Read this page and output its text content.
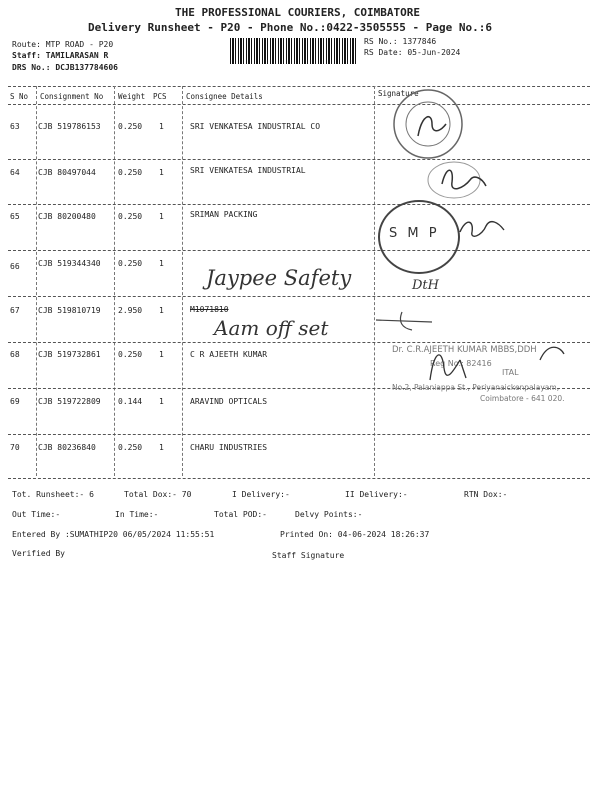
THE PROFESSIONAL COURIERS, COIMBATORE
Delivery Runsheet - P20 - Phone No.:0422-3505555 - Page No.:6
Route: MTP ROAD - P20
Staff: TAMILARASAN R
DRS No.: DCJB137784606
RS No.: 1377846
RS Date: 05-Jun-2024
S No Consignment No Weight PCS	Consignee Details	Signature
63 CJB 519786153 0.250 1	SRI VENKATESA INDUSTRIAL CO
64 CJB 80497044	0.250 1	SRI VENKATESA INDUSTRIAL
65 CJB 80200480	0.250 1	SRIMAN PACKING
66 CJB 519344340 0.250 1
67 CJB 519810719 2.950 1	M1071810
68 CJB 519732861 0.250 1	C R AJEETH KUMAR
69 CJB 519722809 0.144 1	ARAVIND OPTICALS
70 CJB 80236840	0.250 1	CHARU INDUSTRIES
S M P
Jaypee Safety	DtH
Aam off set
Dr. C.R.AJEETH KUMAR MBBS,DDH
Reg No.: 82416
ITAL
No.2, Palaniappa St., Periyanaickenpalayam,
Coimbatore - 641 020.
Tot. Runsheet:- 6	Total Dox:- 70	I Delivery:-	II Delivery:-	RTN Dox:-
Out Time:-	In Time:-	Total POD:-	Delvy Points:-
Entered By :SUMATHIP20 06/05/2024 11:55:51	Printed On: 04-06-2024 18:26:37
Verified By	Staff Signature
